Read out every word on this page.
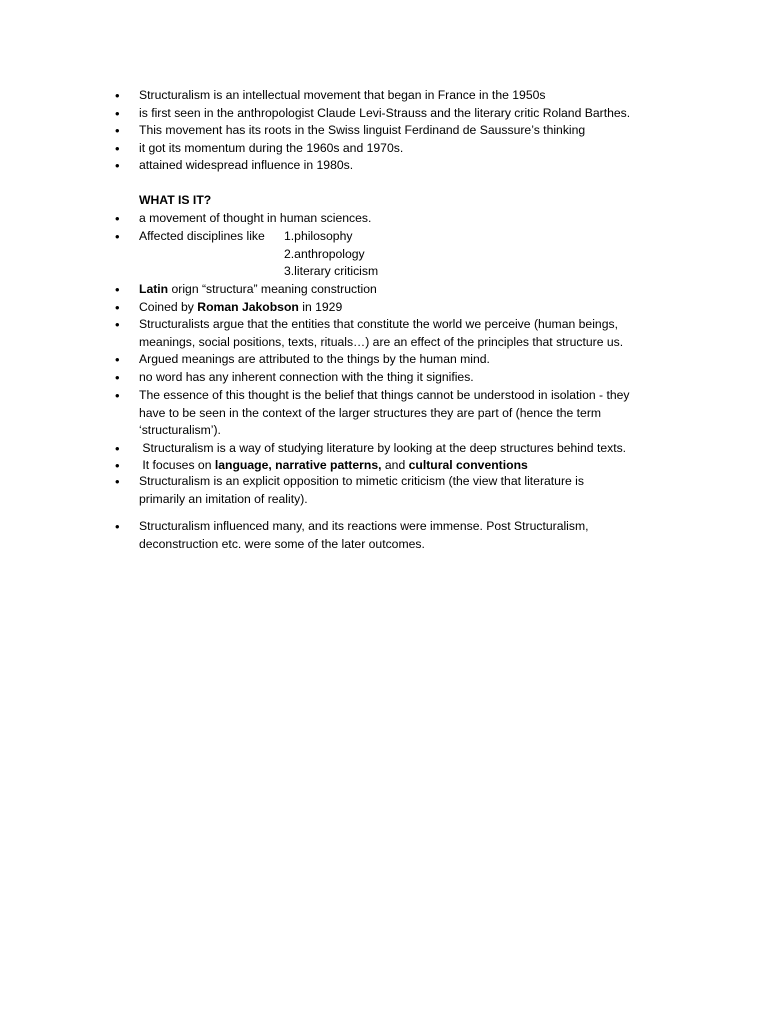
• Structuralism is an intellectual movement that began in France in the 1950s
• is first seen in the anthropologist Claude Levi-Strauss and the literary critic Roland Barthes.
• This movement has its roots in the Swiss linguist Ferdinand de Saussure’s thinking
• it got its momentum during the 1960s and 1970s.
• attained widespread influence in 1980s.
WHAT IS IT?
• a movement of thought in human sciences.
• Affected disciplines like 1.philosophy
2.anthropology
3.literary criticism
• Latin orign “structura” meaning construction
• Coined by Roman Jakobson in 1929
• Structuralists argue that the entities that constitute the world we perceive (human beings,
meanings, social positions, texts, rituals…) are an effect of the principles that structure us.
• Argued meanings are attributed to the things by the human mind.
• no word has any inherent connection with the thing it signifies.
• The essence of this thought is the belief that things cannot be understood in isolation - they
have to be seen in the context of the larger structures they are part of (hence the term
‘structuralism’).
• Structuralism is a way of studying literature by looking at the deep structures behind texts.
• It focuses on language, narrative patterns, and cultural conventions
• Structuralism is an explicit opposition to mimetic criticism (the view that literature is
primarily an imitation of reality).
• Structuralism influenced many, and its reactions were immense. Post Structuralism,
deconstruction etc. were some of the later outcomes.
